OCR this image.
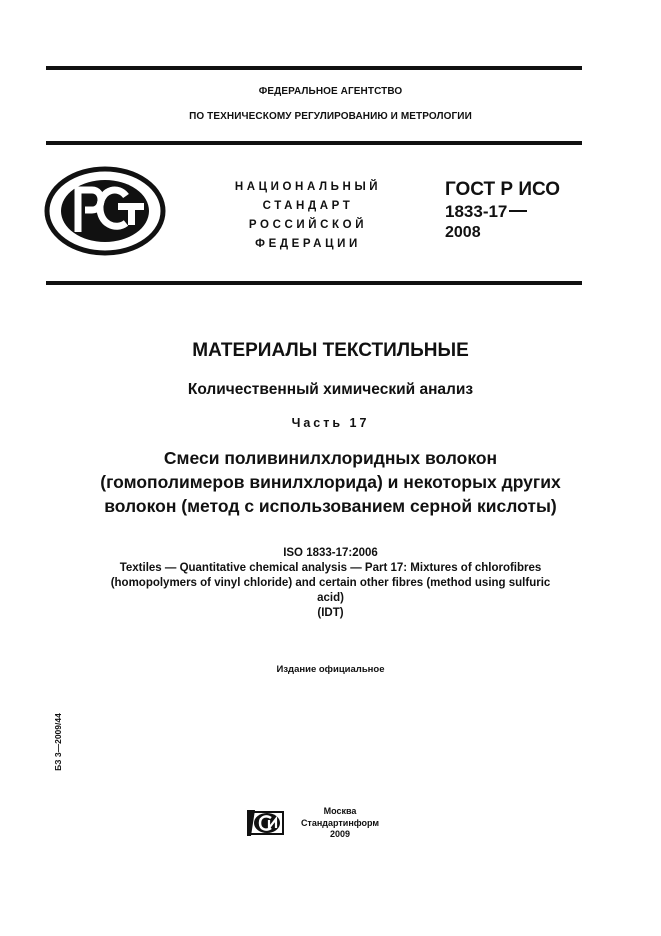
ФЕДЕРАЛЬНОЕ АГЕНТСТВО
ПО ТЕХНИЧЕСКОМУ РЕГУЛИРОВАНИЮ И МЕТРОЛОГИИ
НАЦИОНАЛЬНЫЙ
СТАНДАРТ
РОССИЙСКОЙ
ФЕДЕРАЦИИ
ГОСТ Р ИСО
1833-17
2008
МАТЕРИАЛЫ ТЕКСТИЛЬНЫЕ
Количественный химический анализ
Часть 17
Смеси поливинилхлоридных волокон
(гомополимеров винилхлорида) и некоторых других
волокон (метод с использованием серной кислоты)
ISO 1833-17:2006
Textiles — Quantitative chemical analysis — Part 17: Mixtures of chlorofibres
(homopolymers of vinyl chloride) and certain other fibres (method using sulfuric
acid)
(IDT)
Издание официальное
БЗ 3—2009/44
Москва
Стандартинформ
2009
